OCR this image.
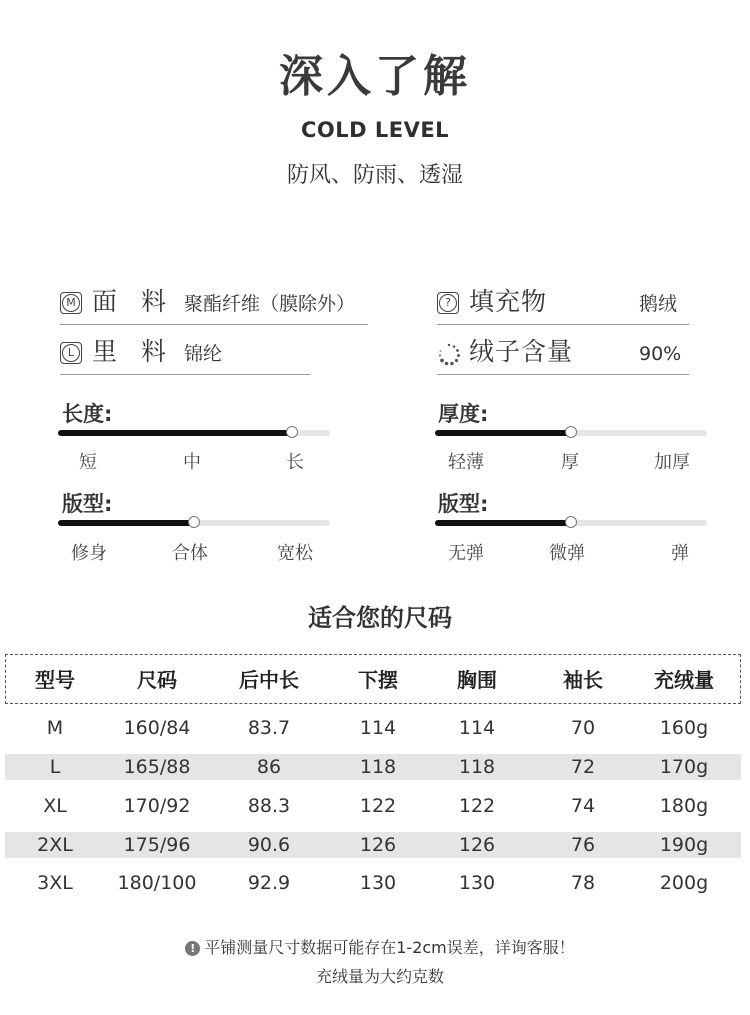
深入了解
COLD LEVEL
防风、防雨、透湿
M 面 料 聚酯纤维（膜除外）	? 填充物	鹅绒
L 里 料 锦纶	绒子含量	90%
长度:
短	中	长
厚度:
轻薄	厚	加厚
版型:
修身	合体	宽松
版型:
无弹	微弹	弹
适合您的尺码
型号	尺码	后中长	下摆	胸围	袖长	充绒量
M	160/84	83.7	114	114	70	160g
L	165/88	86	118	118	72	170g
XL	170/92	88.3	122	122	74	180g
2XL	175/96	90.6	126	126	76	190g
3XL	180/100	92.9	130	130	78	200g
! 平铺测量尺寸数据可能存在1-2cm误差，详询客服！
充绒量为大约克数
